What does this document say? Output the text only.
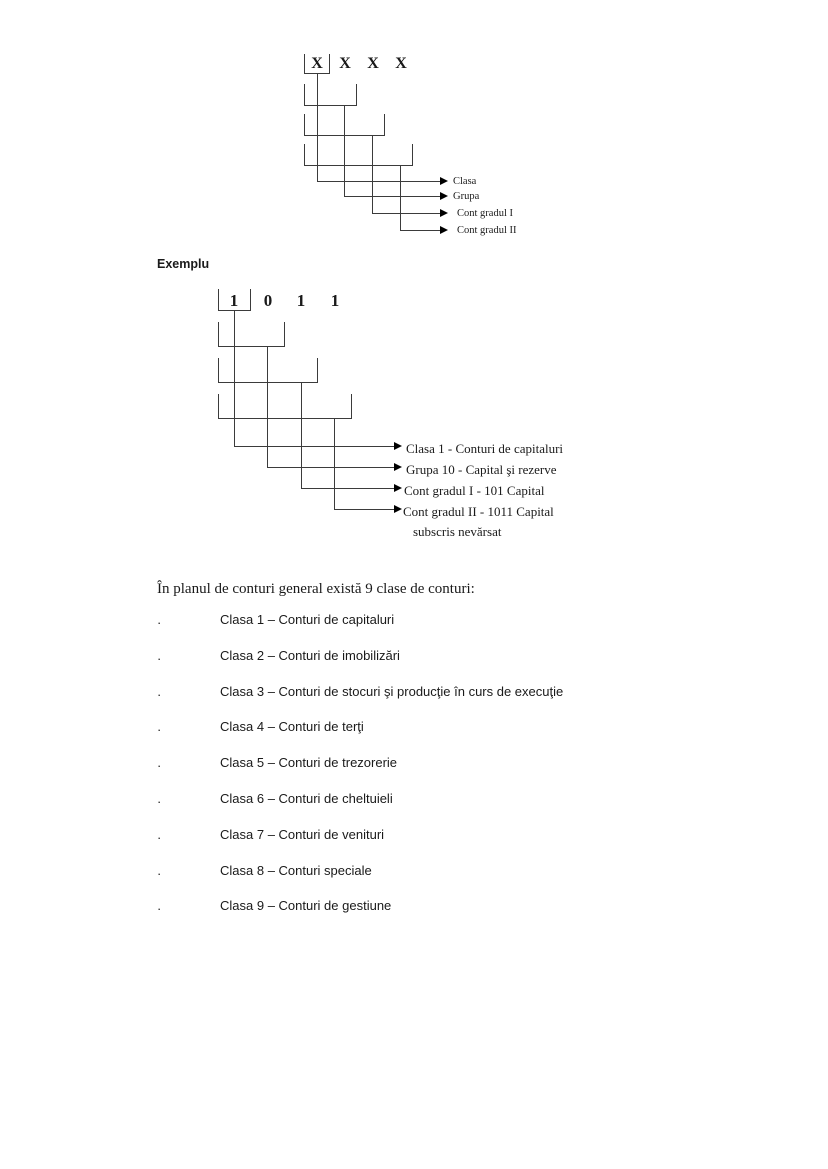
X X X X
Clasa
Grupa
Cont gradul I
Cont gradul II
Exemplu
1	0	1	1
Clasa 1 - Conturi de capitaluri
Grupa 10 - Capital şi rezerve
Cont gradul I - 101 Capital
Cont gradul II - 1011 Capital
subscris nevărsat
În planul de conturi general există 9 clase de conturi:
·	Clasa 1 – Conturi de capitaluri
·	Clasa 2 – Conturi de imobilizări
·	Clasa 3 – Conturi de stocuri şi producţie în curs de execuţie
·	Clasa 4 – Conturi de terţi
·	Clasa 5 – Conturi de trezorerie
·	Clasa 6 – Conturi de cheltuieli
·	Clasa 7 – Conturi de venituri
·	Clasa 8 – Conturi speciale
·	Clasa 9 – Conturi de gestiune
